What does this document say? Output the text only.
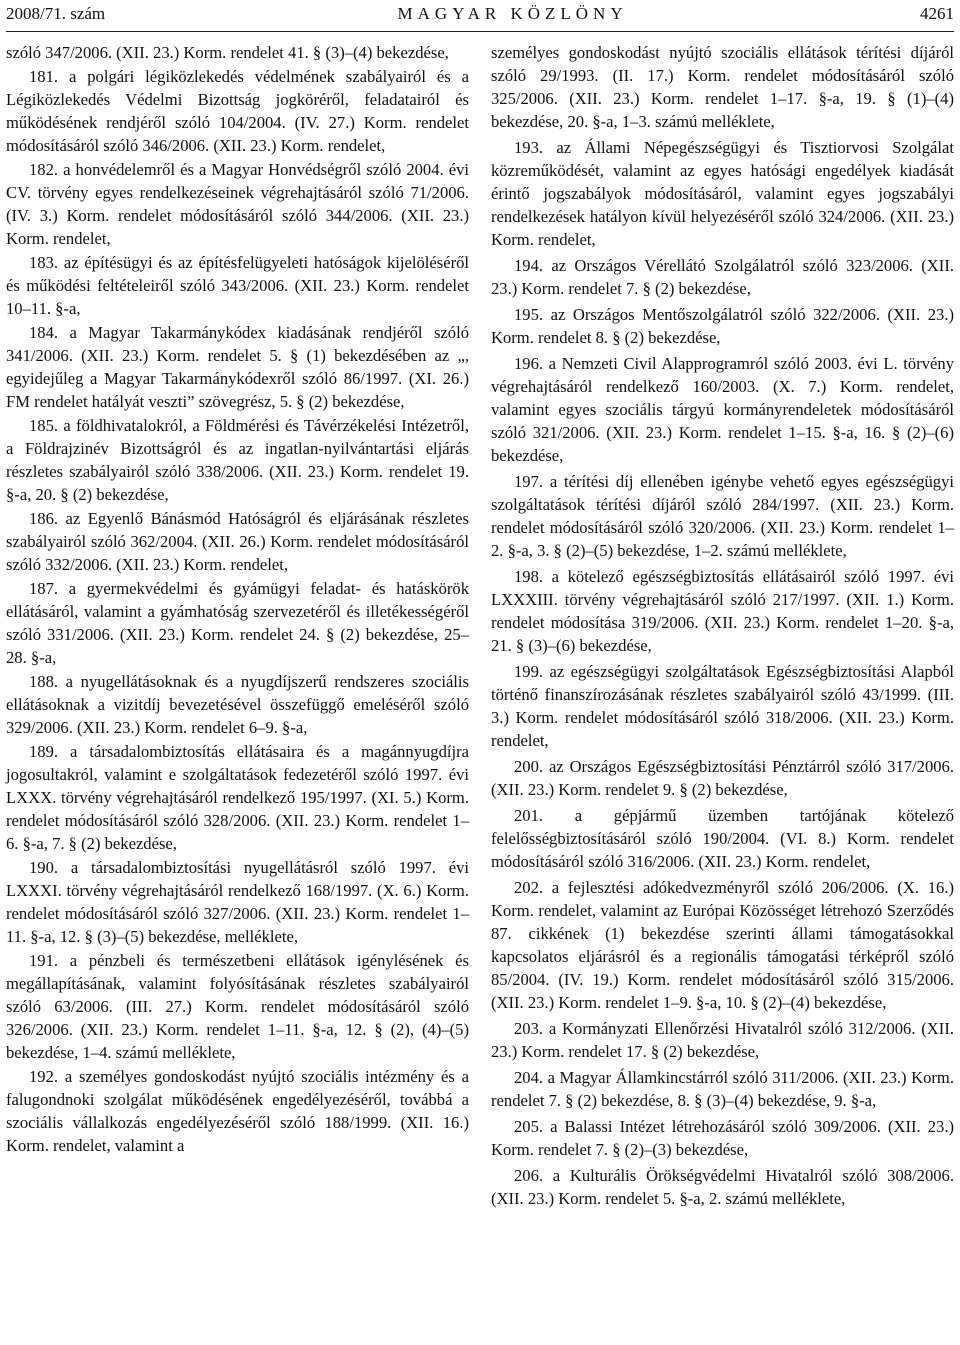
2008/71. szám	MAGYAR KÖZLÖNY	4261

szóló 347/2006. (XII. 23.) Korm. rendelet 41. § (3)–(4) bekezdése,

181. a polgári légiközlekedés védelmének szabályairól és a Légiközlekedés Védelmi Bizottság jogköréről, feladatairól és működésének rendjéről szóló 104/2004. (IV. 27.) Korm. rendelet módosításáról szóló 346/2006. (XII. 23.) Korm. rendelet,

182. a honvédelemről és a Magyar Honvédségről szóló 2004. évi CV. törvény egyes rendelkezéseinek végrehajtásáról szóló 71/2006. (IV. 3.) Korm. rendelet módosításáról szóló 344/2006. (XII. 23.) Korm. rendelet,

183. az építésügyi és az építésfelügyeleti hatóságok kijelöléséről és működési feltételeiről szóló 343/2006. (XII. 23.) Korm. rendelet 10–11. §-a,

184. a Magyar Takarmánykódex kiadásának rendjéről szóló 341/2006. (XII. 23.) Korm. rendelet 5. § (1) bekezdésében az „, egyidejűleg a Magyar Takarmánykódexről szóló 86/1997. (XI. 26.) FM rendelet hatályát veszti” szövegrész, 5. § (2) bekezdése,

185. a földhivatalokról, a Földmérési és Távérzékelési Intézetről, a Földrajzinév Bizottságról és az ingatlan-nyilvántartási eljárás részletes szabályairól szóló 338/2006. (XII. 23.) Korm. rendelet 19. §-a, 20. § (2) bekezdése,

186. az Egyenlő Bánásmód Hatóságról és eljárásának részletes szabályairól szóló 362/2004. (XII. 26.) Korm. rendelet módosításáról szóló 332/2006. (XII. 23.) Korm. rendelet,

187. a gyermekvédelmi és gyámügyi feladat- és hatáskörök ellátásáról, valamint a gyámhatóság szervezetéről és illetékességéről szóló 331/2006. (XII. 23.) Korm. rendelet 24. § (2) bekezdése, 25–28. §-a,

188. a nyugellátásoknak és a nyugdíjszerű rendszeres szociális ellátásoknak a vizitdíj bevezetésével összefüggő emeléséről szóló 329/2006. (XII. 23.) Korm. rendelet 6–9. §-a,

189. a társadalombiztosítás ellátásaira és a magánnyugdíjra jogosultakról, valamint e szolgáltatások fedezetéről szóló 1997. évi LXXX. törvény végrehajtásáról rendelkező 195/1997. (XI. 5.) Korm. rendelet módosításáról szóló 328/2006. (XII. 23.) Korm. rendelet 1–6. §-a, 7. § (2) bekezdése,

190. a társadalombiztosítási nyugellátásról szóló 1997. évi LXXXI. törvény végrehajtásáról rendelkező 168/1997. (X. 6.) Korm. rendelet módosításáról szóló 327/2006. (XII. 23.) Korm. rendelet 1–11. §-a, 12. § (3)–(5) bekezdése, melléklete,

191. a pénzbeli és természetbeni ellátások igénylésének és megállapításának, valamint folyósításának részletes szabályairól szóló 63/2006. (III. 27.) Korm. rendelet módosításáról szóló 326/2006. (XII. 23.) Korm. rendelet 1–11. §-a, 12. § (2), (4)–(5) bekezdése, 1–4. számú melléklete,

192. a személyes gondoskodást nyújtó szociális intézmény és a falugondnoki szolgálat működésének engedélyezéséről, továbbá a szociális vállalkozás engedélyezéséről szóló 188/1999. (XII. 16.) Korm. rendelet, valamint a

személyes gondoskodást nyújtó szociális ellátások térítési díjáról szóló 29/1993. (II. 17.) Korm. rendelet módosításáról szóló 325/2006. (XII. 23.) Korm. rendelet 1–17. §-a, 19. § (1)–(4) bekezdése, 20. §-a, 1–3. számú melléklete,

193. az Állami Népegészségügyi és Tisztiorvosi Szolgálat közreműködését, valamint az egyes hatósági engedélyek kiadását érintő jogszabályok módosításáról, valamint egyes jogszabályi rendelkezések hatályon kívül helyezéséről szóló 324/2006. (XII. 23.) Korm. rendelet,

194. az Országos Vérellátó Szolgálatról szóló 323/2006. (XII. 23.) Korm. rendelet 7. § (2) bekezdése,

195. az Országos Mentőszolgálatról szóló 322/2006. (XII. 23.) Korm. rendelet 8. § (2) bekezdése,

196. a Nemzeti Civil Alapprogramról szóló 2003. évi L. törvény végrehajtásáról rendelkező 160/2003. (X. 7.) Korm. rendelet, valamint egyes szociális tárgyú kormányrendeletek módosításáról szóló 321/2006. (XII. 23.) Korm. rendelet 1–15. §-a, 16. § (2)–(6) bekezdése,

197. a térítési díj ellenében igénybe vehető egyes egészségügyi szolgáltatások térítési díjáról szóló 284/1997. (XII. 23.) Korm. rendelet módosításáról szóló 320/2006. (XII. 23.) Korm. rendelet 1–2. §-a, 3. § (2)–(5) bekezdése, 1–2. számú melléklete,

198. a kötelező egészségbiztosítás ellátásairól szóló 1997. évi LXXXIII. törvény végrehajtásáról szóló 217/1997. (XII. 1.) Korm. rendelet módosítása 319/2006. (XII. 23.) Korm. rendelet 1–20. §-a, 21. § (3)–(6) bekezdése,

199. az egészségügyi szolgáltatások Egészségbiztosítási Alapból történő finanszírozásának részletes szabályairól szóló 43/1999. (III. 3.) Korm. rendelet módosításáról szóló 318/2006. (XII. 23.) Korm. rendelet,

200. az Országos Egészségbiztosítási Pénztárról szóló 317/2006. (XII. 23.) Korm. rendelet 9. § (2) bekezdése,

201. a gépjármű üzemben tartójának kötelező felelősségbiztosításáról szóló 190/2004. (VI. 8.) Korm. rendelet módosításáról szóló 316/2006. (XII. 23.) Korm. rendelet,

202. a fejlesztési adókedvezményről szóló 206/2006. (X. 16.) Korm. rendelet, valamint az Európai Közösséget létrehozó Szerződés 87. cikkének (1) bekezdése szerinti állami támogatásokkal kapcsolatos eljárásról és a regionális támogatási térképről szóló 85/2004. (IV. 19.) Korm. rendelet módosításáról szóló 315/2006. (XII. 23.) Korm. rendelet 1–9. §-a, 10. § (2)–(4) bekezdése,

203. a Kormányzati Ellenőrzési Hivatalról szóló 312/2006. (XII. 23.) Korm. rendelet 17. § (2) bekezdése,

204. a Magyar Államkincstárról szóló 311/2006. (XII. 23.) Korm. rendelet 7. § (2) bekezdése, 8. § (3)–(4) bekezdése, 9. §-a,

205. a Balassi Intézet létrehozásáról szóló 309/2006. (XII. 23.) Korm. rendelet 7. § (2)–(3) bekezdése,

206. a Kulturális Örökségvédelmi Hivatalról szóló 308/2006. (XII. 23.) Korm. rendelet 5. §-a, 2. számú melléklete,
